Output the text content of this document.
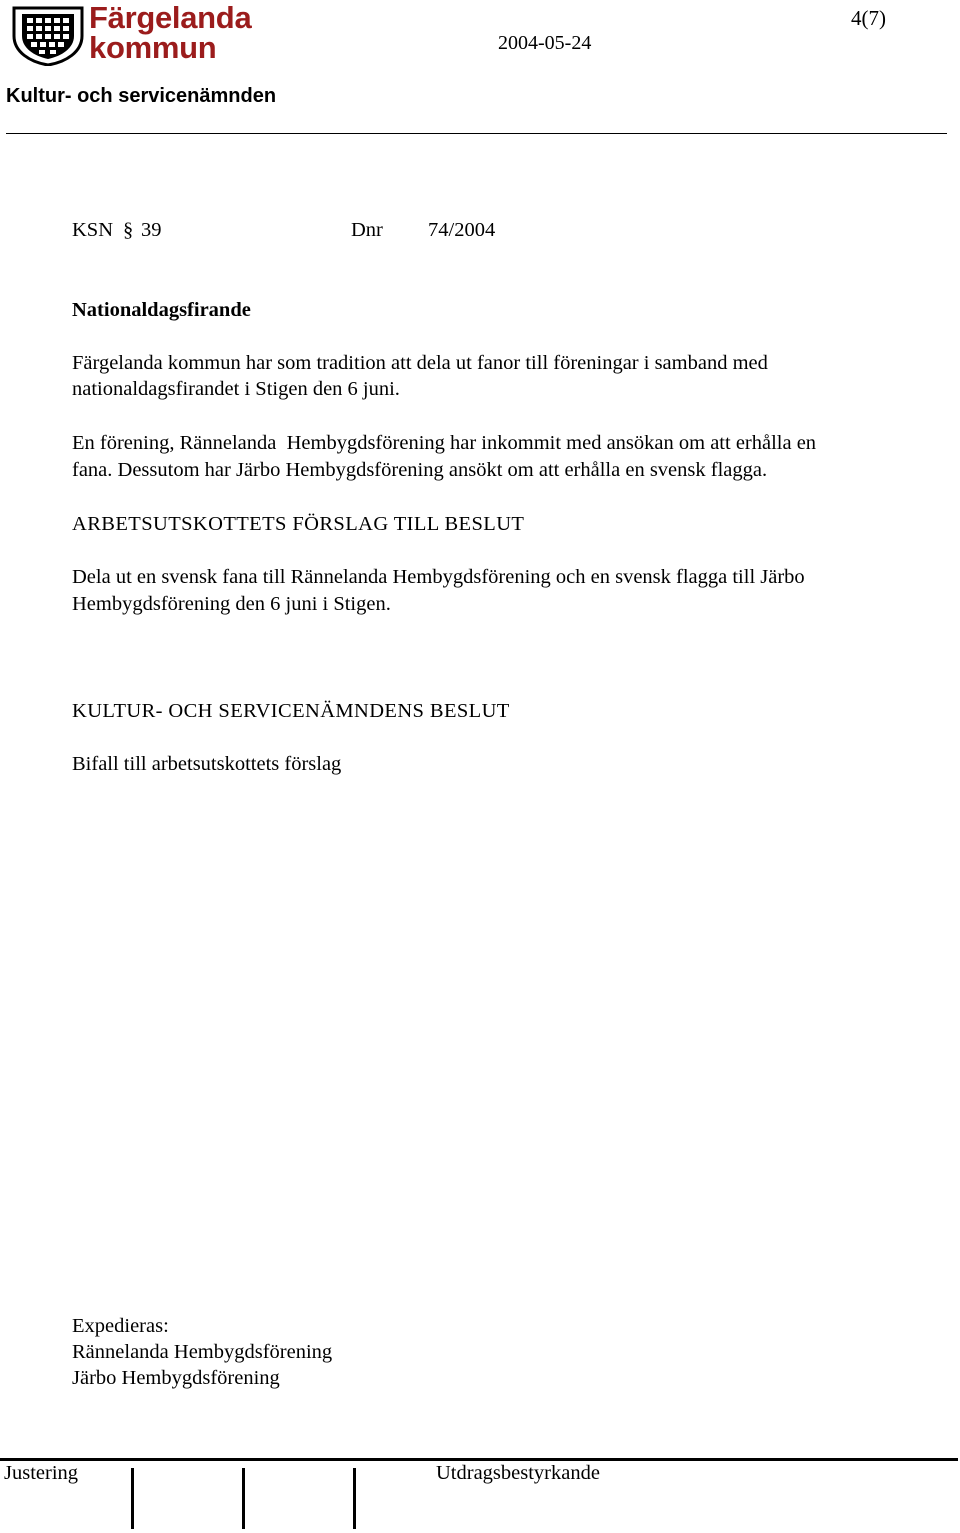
Färgelanda
kommun
4(7)
2004-05-24
Kultur- och servicenämnden
KSN § 39	Dnr 74/2004
Nationaldagsfirande
Färgelanda kommun har som tradition att dela ut fanor till föreningar i samband med
nationaldagsfirandet i Stigen den 6 juni.
En förening, Rännelanda  Hembygdsförening har inkommit med ansökan om att erhålla en
fana. Dessutom har Järbo Hembygdsförening ansökt om att erhålla en svensk flagga.
ARBETSUTSKOTTETS FÖRSLAG TILL BESLUT
Dela ut en svensk fana till Rännelanda Hembygdsförening och en svensk flagga till Järbo
Hembygdsförening den 6 juni i Stigen.
KULTUR- OCH SERVICENÄMNDENS BESLUT
Bifall till arbetsutskottets förslag
Expedieras:
Rännelanda Hembygdsförening
Järbo Hembygdsförening
Justering	Utdragsbestyrkande
